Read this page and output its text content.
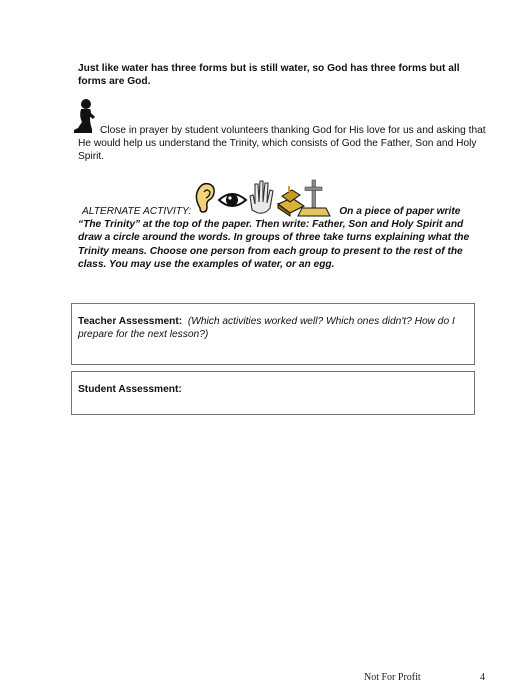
Just like water has three forms but is still water, so God has three forms but all forms are God.
Close in prayer by student volunteers thanking God for His love for us and asking that He would help us understand the Trinity, which consists of God the Father, Son and Holy Spirit.
ALTERNATE ACTIVITY:	On a piece of paper write “The Trinity” at the top of the paper. Then write: Father, Son and Holy Spirit and draw a circle around the words. In groups of three take turns explaining what the Trinity means. Choose one person from each group to present to the rest of the class. You may use the examples of water, or an egg.
Teacher Assessment: (Which activities worked well? Which ones didn't? How do I prepare for the next lesson?)
Student Assessment:
Not For Profit	4
